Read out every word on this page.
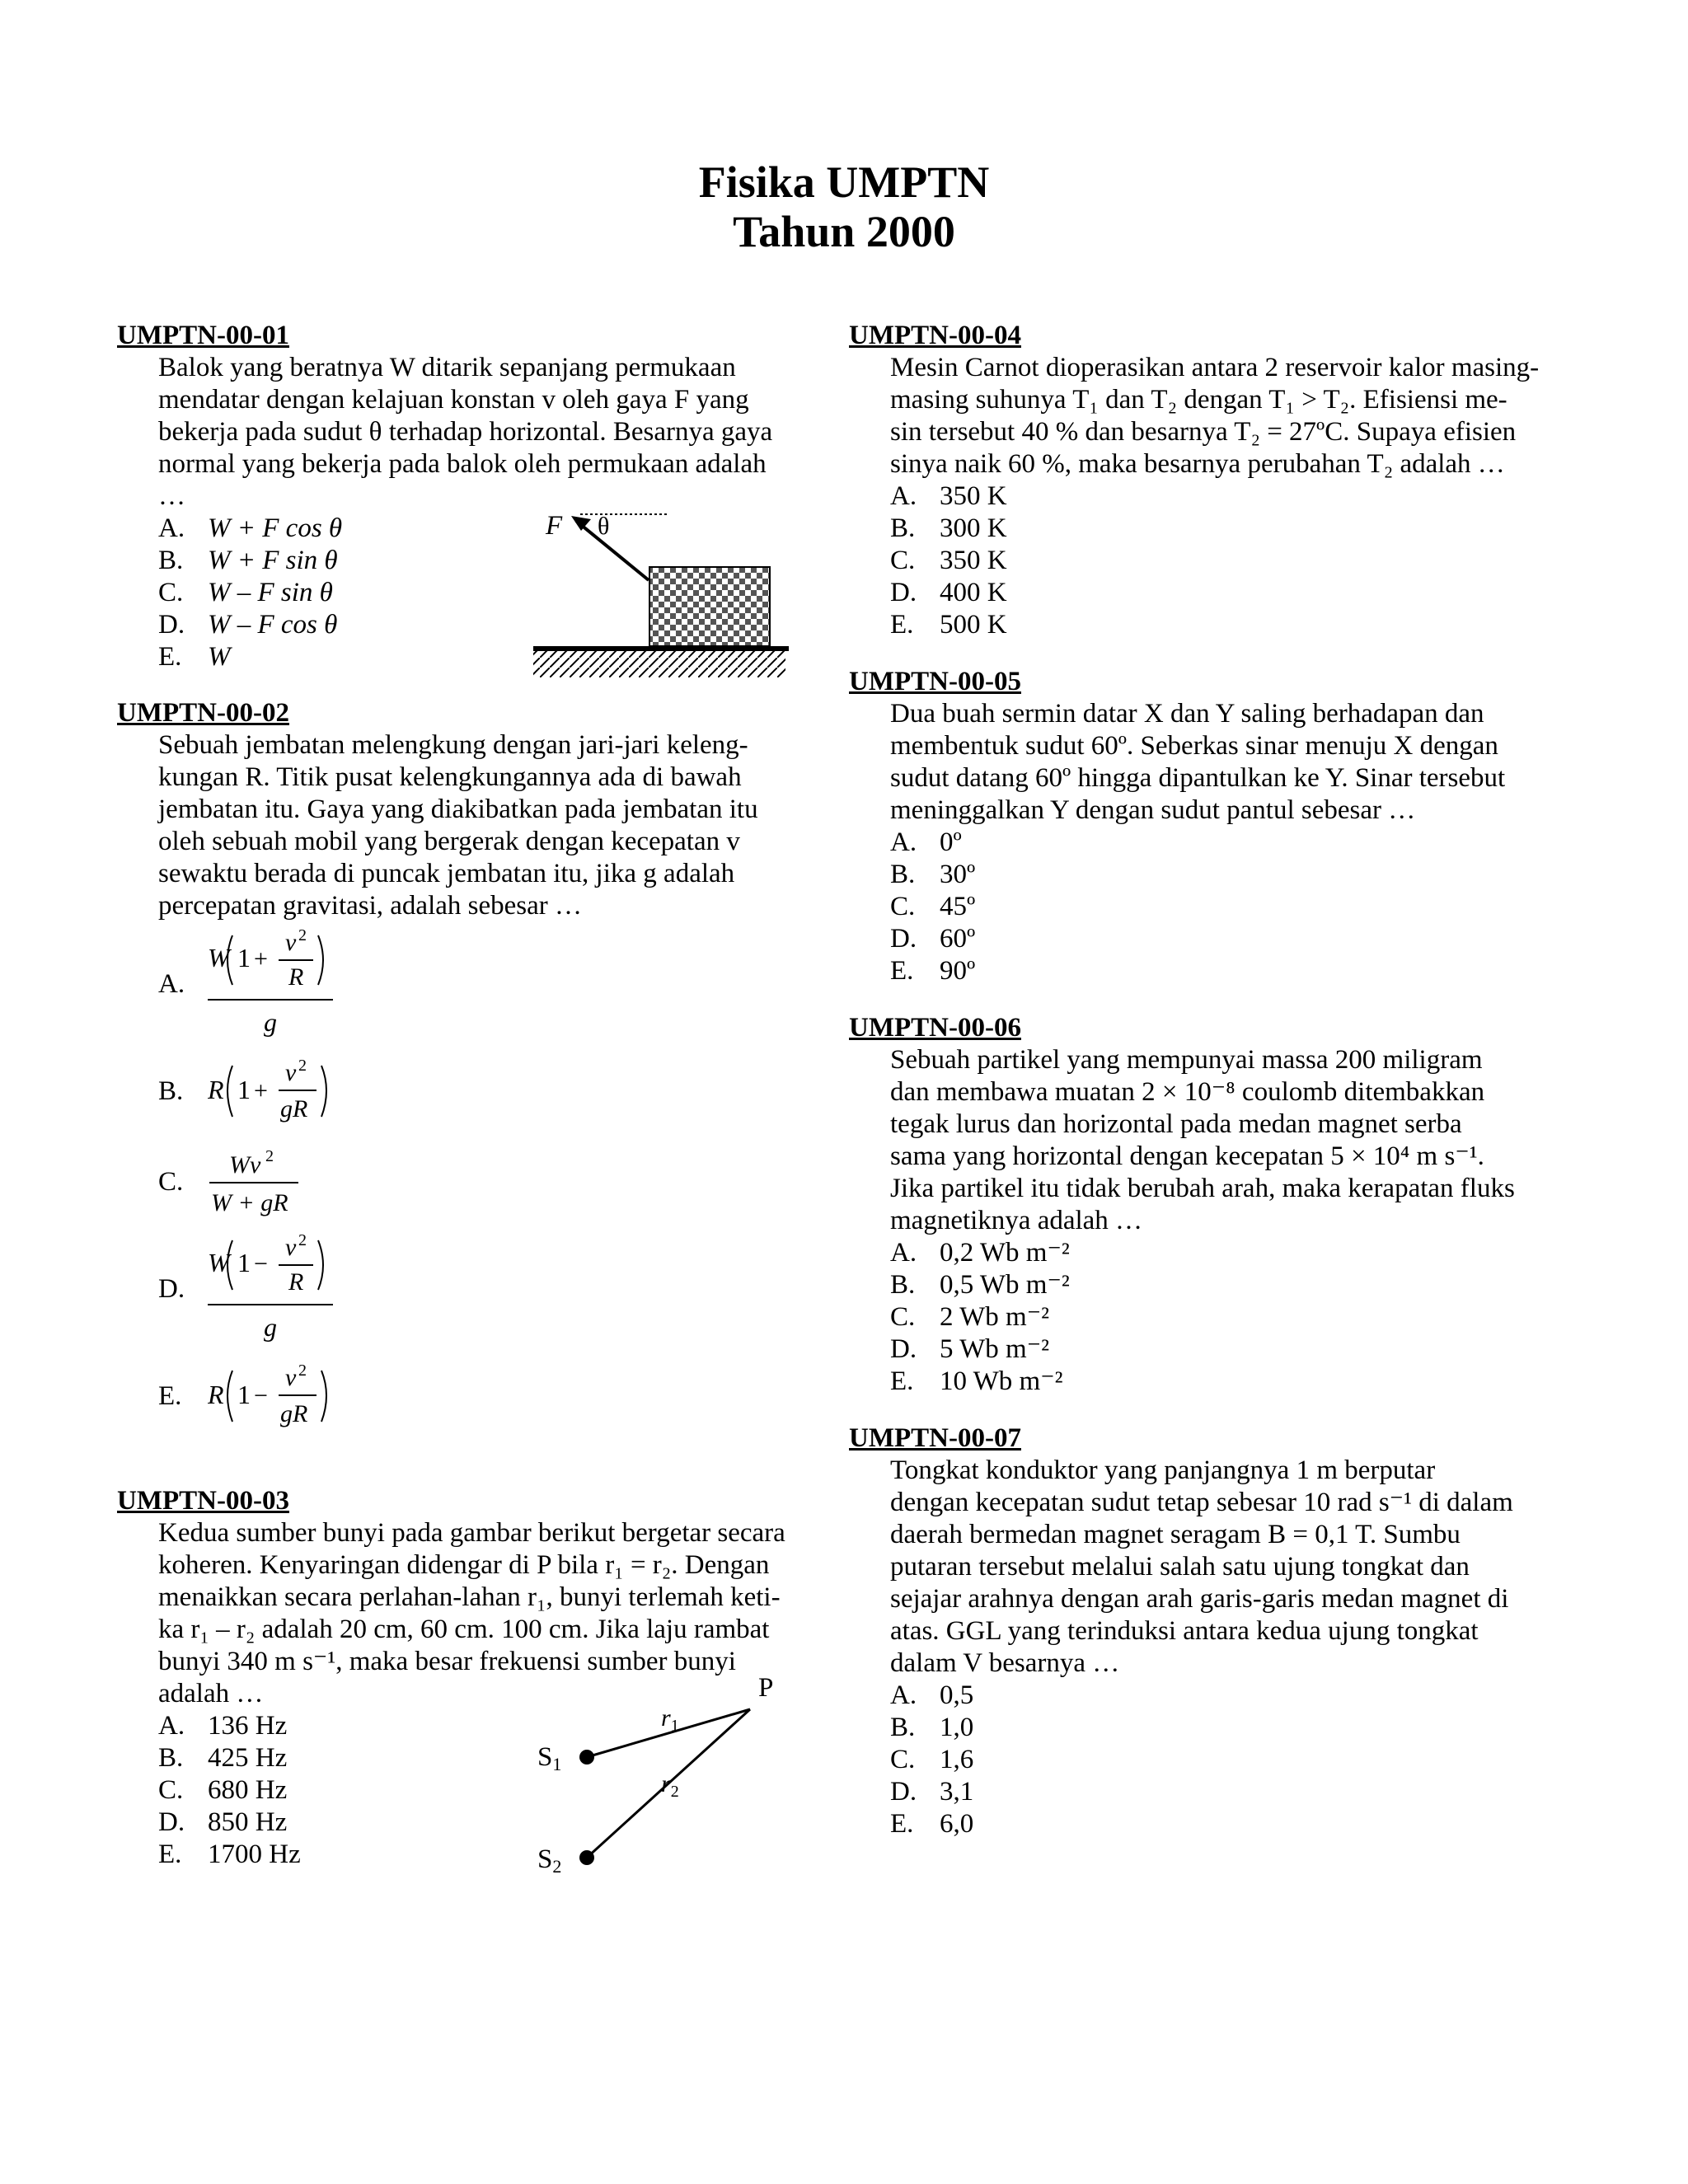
Fisika UMPTN
Tahun 2000
UMPTN-00-01
Balok yang beratnya W ditarik sepanjang permukaan
mendatar dengan kelajuan konstan v oleh gaya F yang
bekerja pada sudut θ terhadap horizontal. Besarnya gaya
normal yang bekerja pada balok oleh permukaan adalah
…
A. W + F cos θ
B. W + F sin θ
C. W – F sin θ
D. W – F cos θ
E. W
F θ
UMPTN-00-02
Sebuah jembatan melengkung dengan jari-jari keleng-
kungan R. Titik pusat kelengkungannya ada di bawah
jembatan itu. Gaya yang diakibatkan pada jembatan itu
oleh sebuah mobil yang bergerak dengan kecepatan v
sewaktu berada di puncak jembatan itu, jika g adalah
percepatan gravitasi, adalah sebesar …
A.
W 1 +
v 2
R
g
B. R 1 +
v 2
gR
C.
Wv 2
W + gR
D.
W 1 −
v 2
R
g
E. R 1 −
v 2
gR
UMPTN-00-03
Kedua sumber bunyi pada gambar berikut bergetar secara
koheren. Kenyaringan didengar di P bila r₁ = r₂. Dengan
menaikkan secara perlahan-lahan r₁, bunyi terlemah keti-
ka r₁ – r₂ adalah 20 cm, 60 cm. 100 cm. Jika laju rambat
bunyi 340 m s⁻¹, maka besar frekuensi sumber bunyi
adalah …
A. 136 Hz
B. 425 Hz
C. 680 Hz
D. 850 Hz
E. 1700 Hz
P
S1
S2
$r_1$
$r_2$
UMPTN-00-04
Mesin Carnot dioperasikan antara 2 reservoir kalor masing-
masing suhunya T₁ dan T₂ dengan T₁ > T₂. Efisiensi me-
sin tersebut 40 % dan besarnya T₂ = 27ºC. Supaya efisien
sinya naik 60 %, maka besarnya perubahan T₂ adalah …
A. 350 K
B. 300 K
C. 350 K
D. 400 K
E. 500 K
UMPTN-00-05
Dua buah sermin datar X dan Y saling berhadapan dan
membentuk sudut 60º. Seberkas sinar menuju X dengan
sudut datang 60º hingga dipantulkan ke Y. Sinar tersebut
meninggalkan Y dengan sudut pantul sebesar …
A. 0º
B. 30º
C. 45º
D. 60º
E. 90º
UMPTN-00-06
Sebuah partikel yang mempunyai massa 200 miligram
dan membawa muatan 2 × 10⁻⁸ coulomb ditembakkan
tegak lurus dan horizontal pada medan magnet serba
sama yang horizontal dengan kecepatan 5 × 10⁴ m s⁻¹.
Jika partikel itu tidak berubah arah, maka kerapatan fluks
magnetiknya adalah …
A. 0,2 Wb m⁻²
B. 0,5 Wb m⁻²
C. 2 Wb m⁻²
D. 5 Wb m⁻²
E. 10 Wb m⁻²
UMPTN-00-07
Tongkat konduktor yang panjangnya 1 m berputar
dengan kecepatan sudut tetap sebesar 10 rad s⁻¹ di dalam
daerah bermedan magnet seragam B = 0,1 T. Sumbu
putaran tersebut melalui salah satu ujung tongkat dan
sejajar arahnya dengan arah garis-garis medan magnet di
atas. GGL yang terinduksi antara kedua ujung tongkat
dalam V besarnya …
A. 0,5
B. 1,0
C. 1,6
D. 3,1
E. 6,0
